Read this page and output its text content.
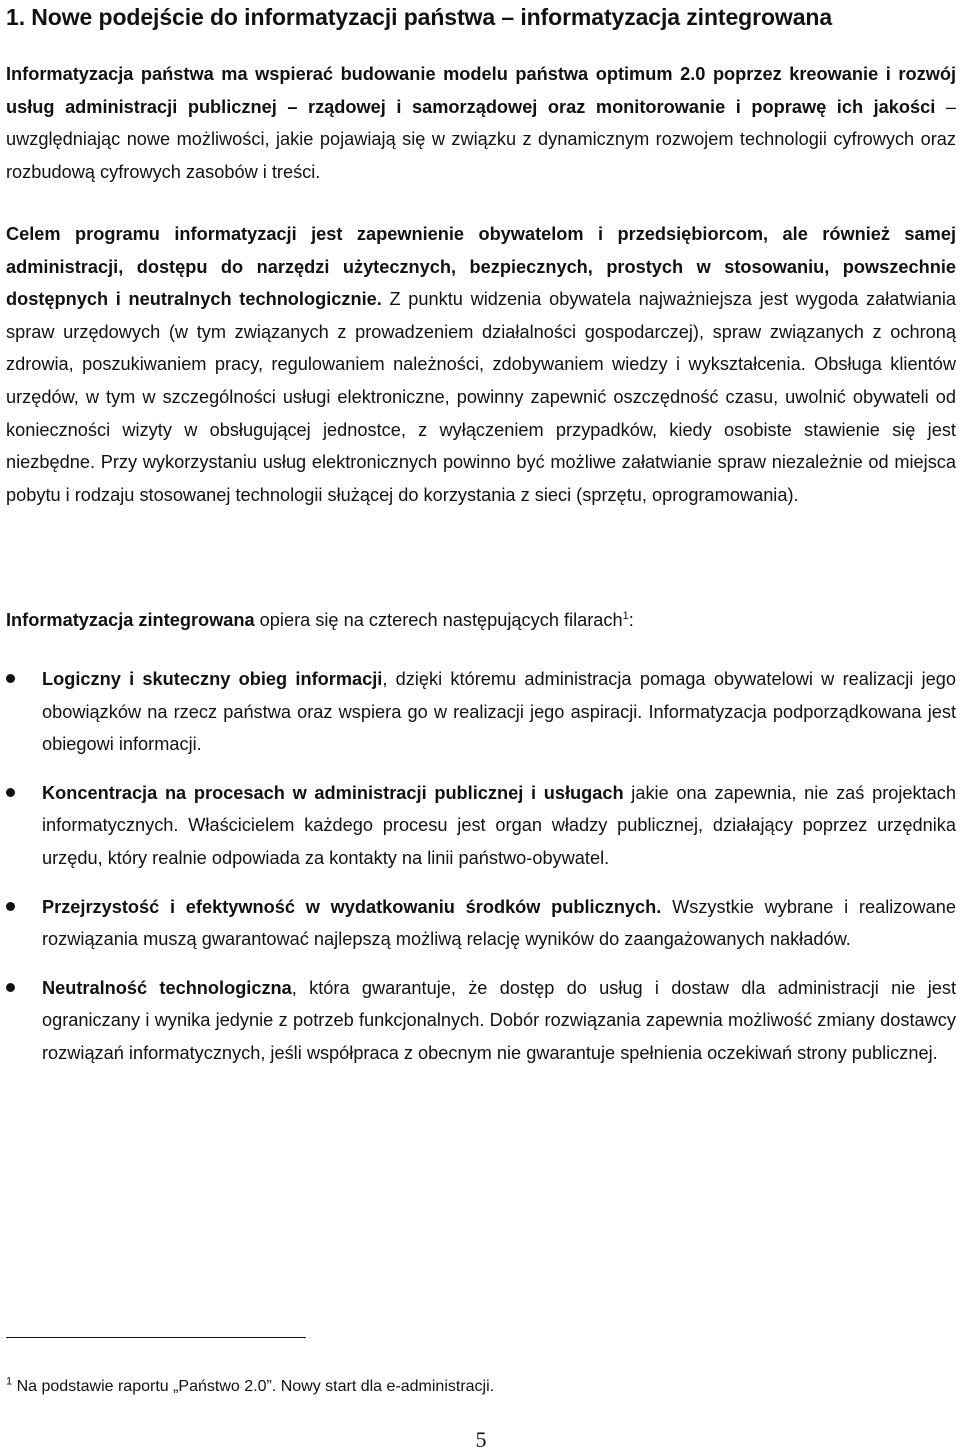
1. Nowe podejście do informatyzacji państwa – informatyzacja zintegrowana
Informatyzacja państwa ma wspierać budowanie modelu państwa optimum 2.0 poprzez kreowanie i rozwój usług administracji publicznej – rządowej i samorządowej oraz monitorowanie i poprawę ich jakości – uwzględniając nowe możliwości, jakie pojawiają się w związku z dynamicznym rozwojem technologii cyfrowych oraz rozbudową cyfrowych zasobów i treści.
Celem programu informatyzacji jest zapewnienie obywatelom i przedsiębiorcom, ale również samej administracji, dostępu do narzędzi użytecznych, bezpiecznych, prostych w stosowaniu, powszechnie dostępnych i neutralnych technologicznie. Z punktu widzenia obywatela najważniejsza jest wygoda załatwiania spraw urzędowych (w tym związanych z prowadzeniem działalności gospodarczej), spraw związanych z ochroną zdrowia, poszukiwaniem pracy, regulowaniem należności, zdobywaniem wiedzy i wykształcenia. Obsługa klientów urzędów, w tym w szczególności usługi elektroniczne, powinny zapewnić oszczędność czasu, uwolnić obywateli od konieczności wizyty w obsługującej jednostce, z wyłączeniem przypadków, kiedy osobiste stawienie się jest niezbędne. Przy wykorzystaniu usług elektronicznych powinno być możliwe załatwianie spraw niezależnie od miejsca pobytu i rodzaju stosowanej technologii służącej do korzystania z sieci (sprzętu, oprogramowania).
Informatyzacja zintegrowana opiera się na czterech następujących filarach$^1$:
Logiczny i skuteczny obieg informacji, dzięki któremu administracja pomaga obywatelowi w realizacji jego obowiązków na rzecz państwa oraz wspiera go w realizacji jego aspiracji. Informatyzacja podporządkowana jest obiegowi informacji.
Koncentracja na procesach w administracji publicznej i usługach jakie ona zapewnia, nie zaś projektach informatycznych. Właścicielem każdego procesu jest organ władzy publicznej, działający poprzez urzędnika urzędu, który realnie odpowiada za kontakty na linii państwo-obywatel.
Przejrzystość i efektywność w wydatkowaniu środków publicznych. Wszystkie wybrane i realizowane rozwiązania muszą gwarantować najlepszą możliwą relację wyników do zaangażowanych nakładów.
Neutralność technologiczna, która gwarantuje, że dostęp do usług i dostaw dla administracji nie jest ograniczany i wynika jedynie z potrzeb funkcjonalnych. Dobór rozwiązania zapewnia możliwość zmiany dostawcy rozwiązań informatycznych, jeśli współpraca z obecnym nie gwarantuje spełnienia oczekiwań strony publicznej.
$^1$ Na podstawie raportu „Państwo 2.0”. Nowy start dla e-administracji.
5
